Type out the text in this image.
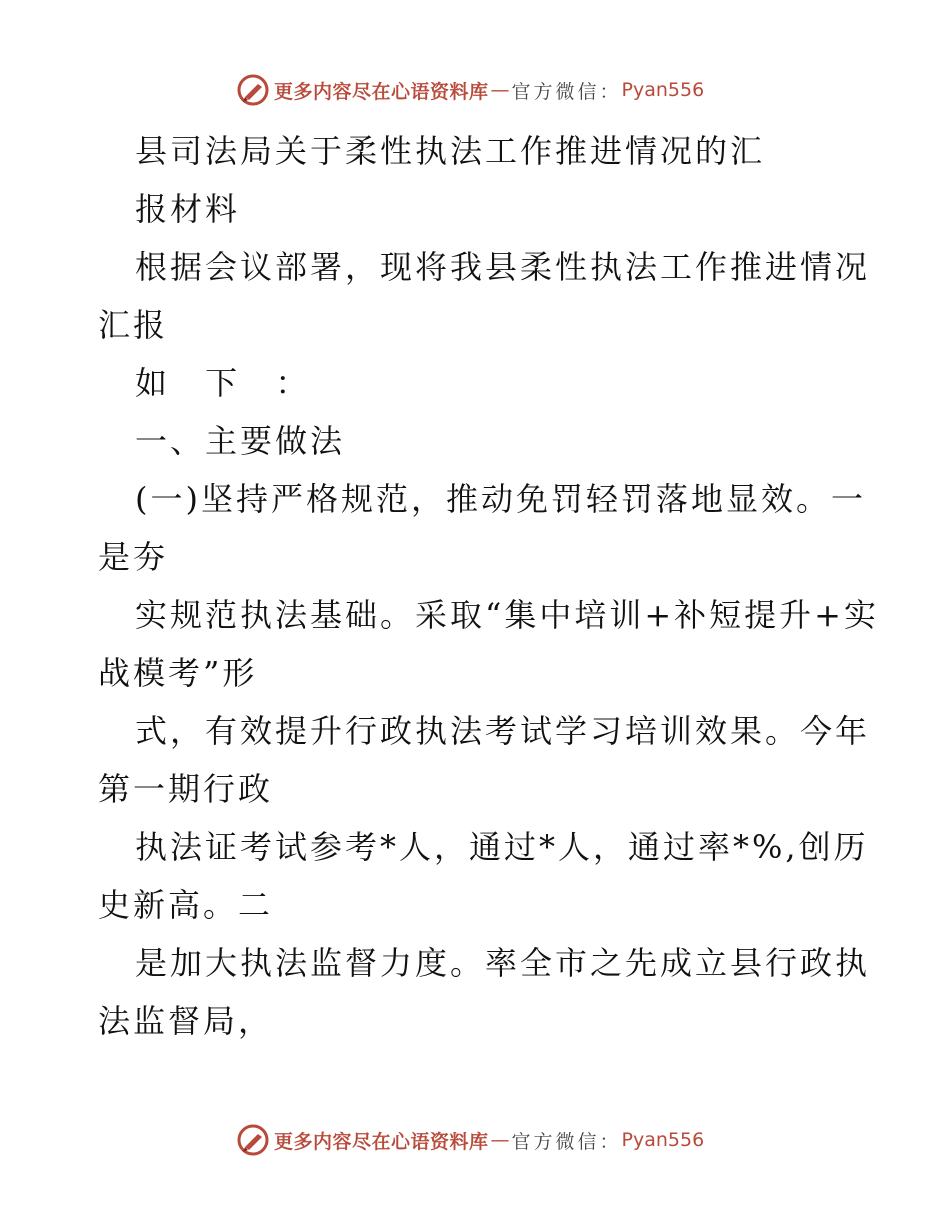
更多内容尽在心语资料库 — 官方微信： Pyan556
县司法局关于柔性执法工作推进情况的汇
报材料
根据会议部署，现将我县柔性执法工作推进情况
汇报
如 下 ：
一、主要做法
(一)坚持严格规范，推动免罚轻罚落地显效。一
是夯
实规范执法基础。采取“集中培训+补短提升+实
战模考”形
式，有效提升行政执法考试学习培训效果。今年
第一期行政
执法证考试参考*人，通过*人，通过率*%,创历
史新高。二
是加大执法监督力度。率全市之先成立县行政执
法监督局，
更多内容尽在心语资料库 — 官方微信： Pyan556
